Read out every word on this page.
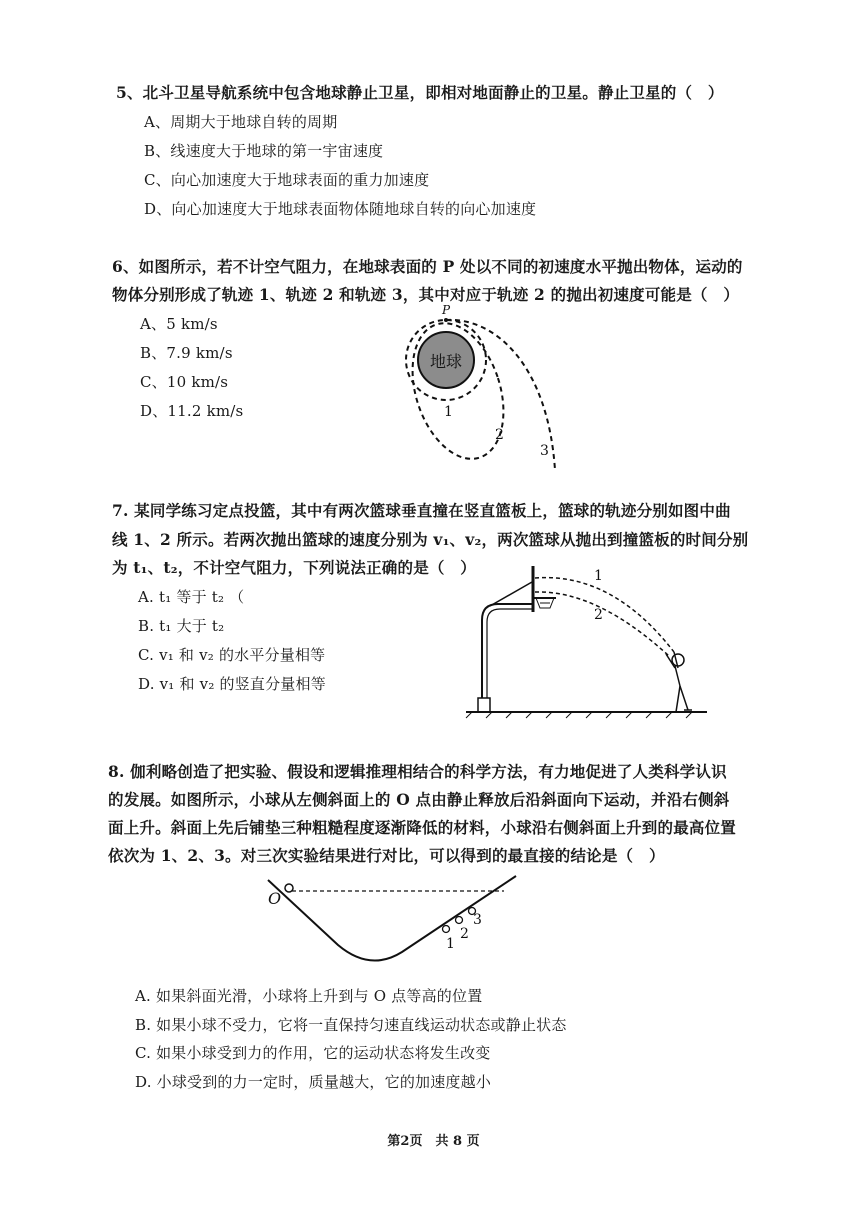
5、北斗卫星导航系统中包含地球静止卫星，即相对地面静止的卫星。静止卫星的（　）
A、周期大于地球自转的周期
B、线速度大于地球的第一宇宙速度
C、向心加速度大于地球表面的重力加速度
D、向心加速度大于地球表面物体随地球自转的向心加速度
6、如图所示，若不计空气阻力，在地球表面的 P 处以不同的初速度水平抛出物体，运动的
物体分别形成了轨迹 1、轨迹 2 和轨迹 3，其中对应于轨迹 2 的抛出初速度可能是（　）
A、5 km/s
B、7.9 km/s
C、10 km/s
D、11.2 km/s
地球
P
1
2
3
7. 某同学练习定点投篮，其中有两次篮球垂直撞在竖直篮板上，篮球的轨迹分别如图中曲
线 1、2 所示。若两次抛出篮球的速度分别为 v₁、v₂，两次篮球从抛出到撞篮板的时间分别
为 t₁、t₂，不计空气阻力，下列说法正确的是（　）
A. t₁ 等于 t₂ （
B. t₁ 大于 t₂
C. v₁ 和 v₂ 的水平分量相等
D. v₁ 和 v₂ 的竖直分量相等
1
2
8. 伽利略创造了把实验、假设和逻辑推理相结合的科学方法，有力地促进了人类科学认识
的发展。如图所示，小球从左侧斜面上的 O 点由静止释放后沿斜面向下运动，并沿右侧斜
面上升。斜面上先后铺垫三种粗糙程度逐渐降低的材料，小球沿右侧斜面上升到的最高位置
依次为 1、2、3。对三次实验结果进行对比，可以得到的最直接的结论是（　）
O
1
2
3
A. 如果斜面光滑，小球将上升到与 O 点等高的位置
B. 如果小球不受力，它将一直保持匀速直线运动状态或静止状态
C. 如果小球受到力的作用，它的运动状态将发生改变
D. 小球受到的力一定时，质量越大，它的加速度越小
第2页　共 8 页
